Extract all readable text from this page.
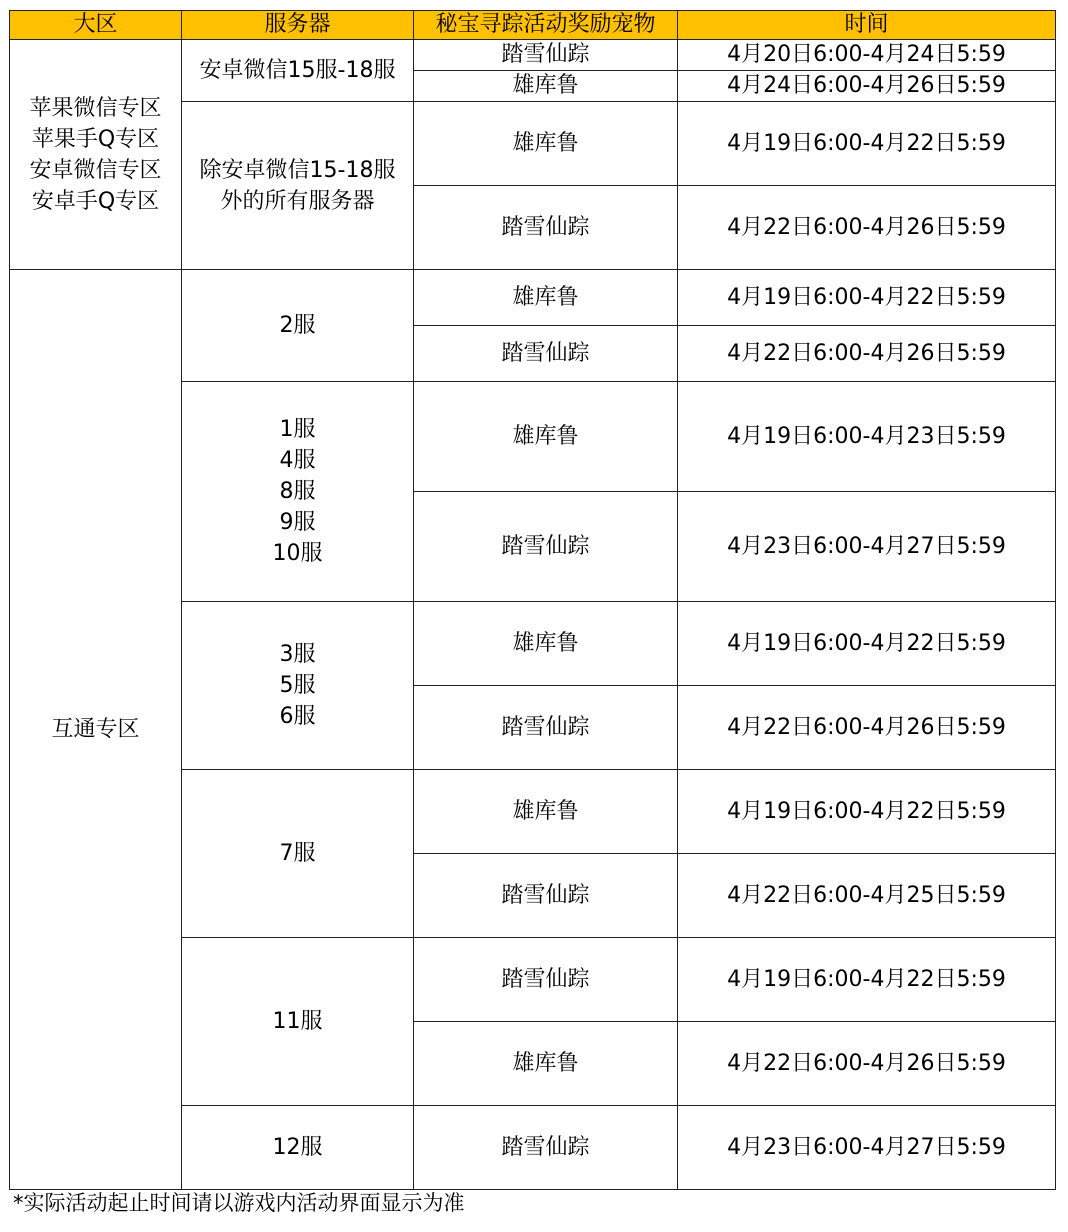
大区	服务器	秘宝寻踪活动奖励宠物	时间

苹果微信专区
苹果手Q专区
安卓微信专区
安卓手Q专区	安卓微信15服-18服	踏雪仙踪	4月20日6:00-4月24日5:59
		雄库鲁	4月24日6:00-4月26日5:59

	除安卓微信15-18服
外的所有服务器	雄库鲁	4月19日6:00-4月22日5:59
		踏雪仙踪	4月22日6:00-4月26日5:59
互通专区	2服	雄库鲁	4月19日6:00-4月22日5:59
		踏雪仙踪	4月22日6:00-4月26日5:59

	1服
4服
8服
9服
10服	雄库鲁	4月19日6:00-4月23日5:59
		踏雪仙踪	4月23日6:00-4月27日5:59

	3服
5服
6服	雄库鲁	4月19日6:00-4月22日5:59
		踏雪仙踪	4月22日6:00-4月26日5:59
	7服	雄库鲁	4月19日6:00-4月22日5:59
		踏雪仙踪	4月22日6:00-4月25日5:59
	11服	踏雪仙踪	4月19日6:00-4月22日5:59
		雄库鲁	4月22日6:00-4月26日5:59
	12服	踏雪仙踪	4月23日6:00-4月27日5:59
*实际活动起止时间请以游戏内活动界面显示为准
